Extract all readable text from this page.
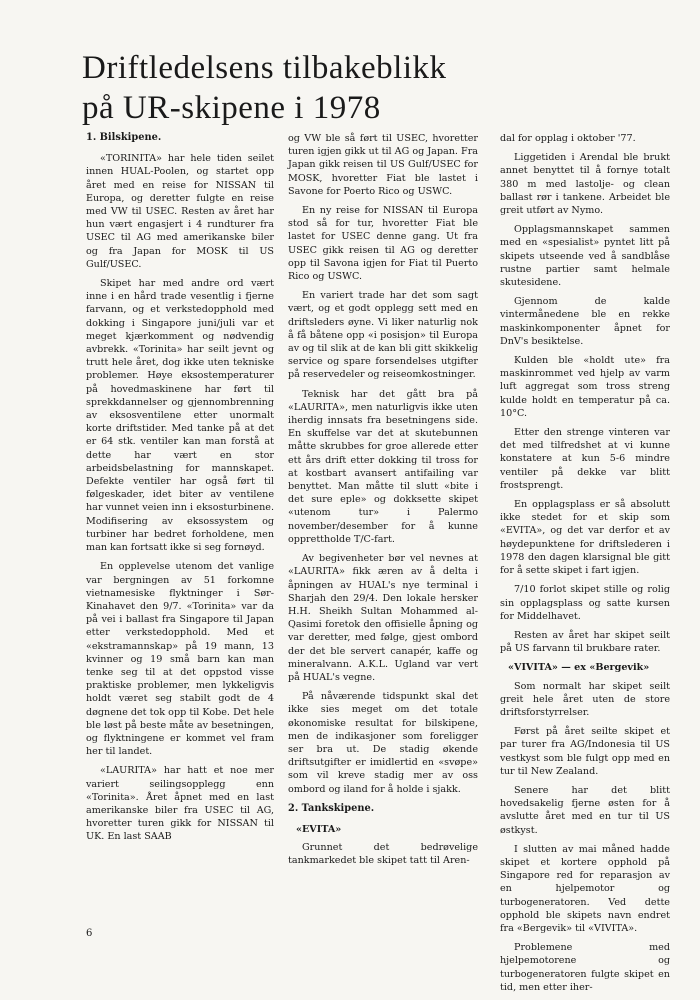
Driftledelsens tilbakeblikk
på UR-skipene i 1978
1. Bilskipene.

«TORINITA» har hele tiden seilet innen HUAL-Poolen, og startet opp året med en reise for NISSAN til Europa, og deretter fulgte en reise med VW til USEC. Resten av året har hun vært engasjert i 4 rundturer fra USEC til AG med amerikanske biler og fra Japan for MOSK til US Gulf/USEC.

Skipet har med andre ord vært inne i en hård trade vesentlig i fjerne farvann, og et verkstedopphold med dokking i Singapore juni/juli var et meget kjærkomment og nødvendig avbrekk. «Torinita» har seilt jevnt og trutt hele året, dog ikke uten tekniske problemer. Høye eksostemperaturer på hovedmaskinene har ført til sprekkdannelser og gjennombrenning av eksosventilene etter unormalt korte driftstider. Med tanke på at det er 64 stk. ventiler kan man forstå at dette har vært en stor arbeidsbelastning for mannskapet. Defekte ventiler har også ført til følgeskader, idet biter av ventilene har vunnet veien inn i eksosturbinene. Modifisering av eksossystem og turbiner har bedret forholdene, men man kan fortsatt ikke si seg fornøyd.

En opplevelse utenom det vanlige var bergningen av 51 forkomne vietnamesiske flyktninger i Sør-Kinahavet den 9/7. «Torinita» var da på vei i ballast fra Singapore til Japan etter verkstedopphold. Med et «ekstramannskap» på 19 mann, 13 kvinner og 19 små barn kan man tenke seg til at det oppstod visse praktiske problemer, men lykkeligvis holdt været seg stabilt godt de 4 døgnene det tok opp til Kobe. Det hele ble løst på beste måte av besetningen, og flyktningene er kommet vel fram her til landet.

«LAURITA» har hatt et noe mer variert seilingsopplegg enn «Torinita». Året åpnet med en last amerikanske biler fra USEC til AG, hvoretter turen gikk for NISSAN til UK. En last SAAB

og VW ble så ført til USEC, hvoretter turen igjen gikk ut til AG og Japan. Fra Japan gikk reisen til US Gulf/USEC for MOSK, hvoretter Fiat ble lastet i Savone for Poerto Rico og USWC.

En ny reise for NISSAN til Europa stod så for tur, hvoretter Fiat ble lastet for USEC denne gang. Ut fra USEC gikk reisen til AG og deretter opp til Savona igjen for Fiat til Puerto Rico og USWC.

En variert trade har det som sagt vært, og et godt opplegg sett med en driftsleders øyne. Vi liker naturlig nok å få båtene opp «i posisjon» til Europa av og til slik at de kan bli gitt skikkelig service og spare forsendelses utgifter på reservedeler og reisеomkostninger.

Teknisk har det gått bra på «LAURITA», men naturligvis ikke uten iherdig innsats fra besetningens side. En skuffelse var det at skutebunnen måtte skrubbes for groe allerede etter ett års drift etter dokking til tross for at kostbart avansert antifailing var benyttet. Man måtte til slutt «bite i det sure eple» og dokksette skipet «utenom tur» i Palermo november/desember for å kunne opprettholde T/C-fart.

Av begivenheter bør vel nevnes at «LAURITA» fikk æren av å delta i åpningen av HUAL's nye terminal i Sharjah den 29/4. Den lokale hersker H.H. Sheikh Sultan Mohammed al-Qasimi foretok den offisielle åpning og var deretter, med følge, gjest ombord der det ble servert canapér, kaffe og mineralvann. A.K.L. Ugland var vert på HUAL's vegne.

På nåværende tidspunkt skal det ikke sies meget om det totale økonomiske resultat for bilskipene, men de indikasjoner som foreligger ser bra ut. De stadig økende driftsutgifter er imidlertid en «svøpe» som vil kreve stadig mer av oss ombord og iland for å holde i sjakk.

2. Tankskipene.
«EVITA»

Grunnet det bedrøvelige tankmarkedet ble skipet tatt til Aren-

dal for opplag i oktober '77.

Liggetiden i Arendal ble brukt annet benyttet til å fornye totalt 380 m med lastolje- og clean ballast rør i tankene. Arbeidet ble greit utført av Nymo.

Opplagsmannskapet sammen med en «spesialist» pyntet litt på skipets utseende ved å sandblåse rustne partier samt helmale skutesidene.

Gjennom de kalde vintermånedene ble en rekke maskinkomponenter åpnet for DnV's besiktelse.

Kulden ble «holdt ute» fra maskinrommet ved hjelp av varm luft aggregat som tross streng kulde holdt en temperatur på ca. 10°C.

Etter den strenge vinteren var det med tilfredshet at vi kunne konstatere at kun 5-6 mindre ventiler på dekke var blitt frostsprengt.

En opplagsplass er så absolutt ikke stedet for et skip som «EVITA», og det var derfor et av høydepunktene for driftslederen i 1978 den dagen klarsignal ble gitt for å sette skipet i fart igjen.

7/10 forlot skipet stille og rolig sin opplagsplass og satte kursen for Middelhavet.

Resten av året har skipet seilt på US farvann til brukbare rater.

«VIVITA» — ex «Bergevik»

Som normalt har skipet seilt greit hele året uten de store driftsforstyrrelser.

Først på året seilte skipet et par turer fra AG/Indonesia til US vestkyst som ble fulgt opp med en tur til New Zealand.

Senere har det blitt hovedsakelig fjerne østen for å avslutte året med en tur til US østkyst.

I slutten av mai måned hadde skipet et kortere opphold på Singapore red for reparasjon av en hjelpemotor og turbogeneratoren. Ved dette opphold ble skipets navn endret fra «Bergevik» til «VIVITA».

Problemene med hjelpemotorene og turbogeneratoren fulgte skipet en tid, men etter iher-

6
